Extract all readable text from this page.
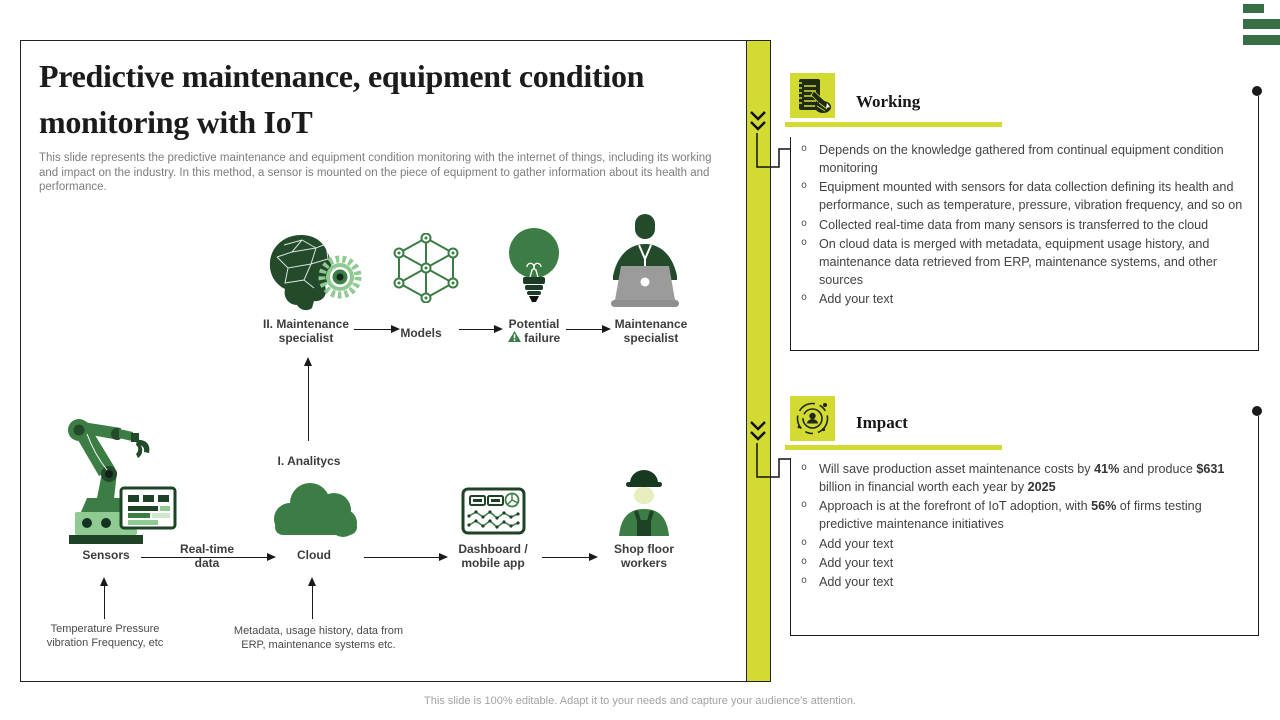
Predictive maintenance, equipment condition monitoring with IoT
This slide represents the predictive maintenance and equipment condition monitoring with the internet of things, including its working and impact on the industry. In this method, a sensor is mounted on the piece of equipment to gather information about its health and performance.
II. Maintenance specialist	Models
Potential
failure
Maintenance specialist
I. Analitycs
Sensors	Real-time data
Cloud	Dashboard / mobile app
Shop floor workers
Temperature Pressure vibration Frequency, etc
Metadata, usage history, data from ERP, maintenance systems etc.
Working
o Depends on the knowledge gathered from continual equipment condition monitoring
o Equipment mounted with sensors for data collection defining its health and performance, such as temperature, pressure, vibration frequency, and so on
o Collected real-time data from many sensors is transferred to the cloud
o On cloud data is merged with metadata, equipment usage history, and maintenance data retrieved from ERP, maintenance systems, and other sources
o Add your text
Impact
o Will save production asset maintenance costs by 41% and produce $631 billion in financial worth each year by 2025
o Approach is at the forefront of IoT adoption, with 56% of firms testing predictive maintenance initiatives
o Add your text
o Add your text
o Add your text
This slide is 100% editable. Adapt it to your needs and capture your audience's attention.
